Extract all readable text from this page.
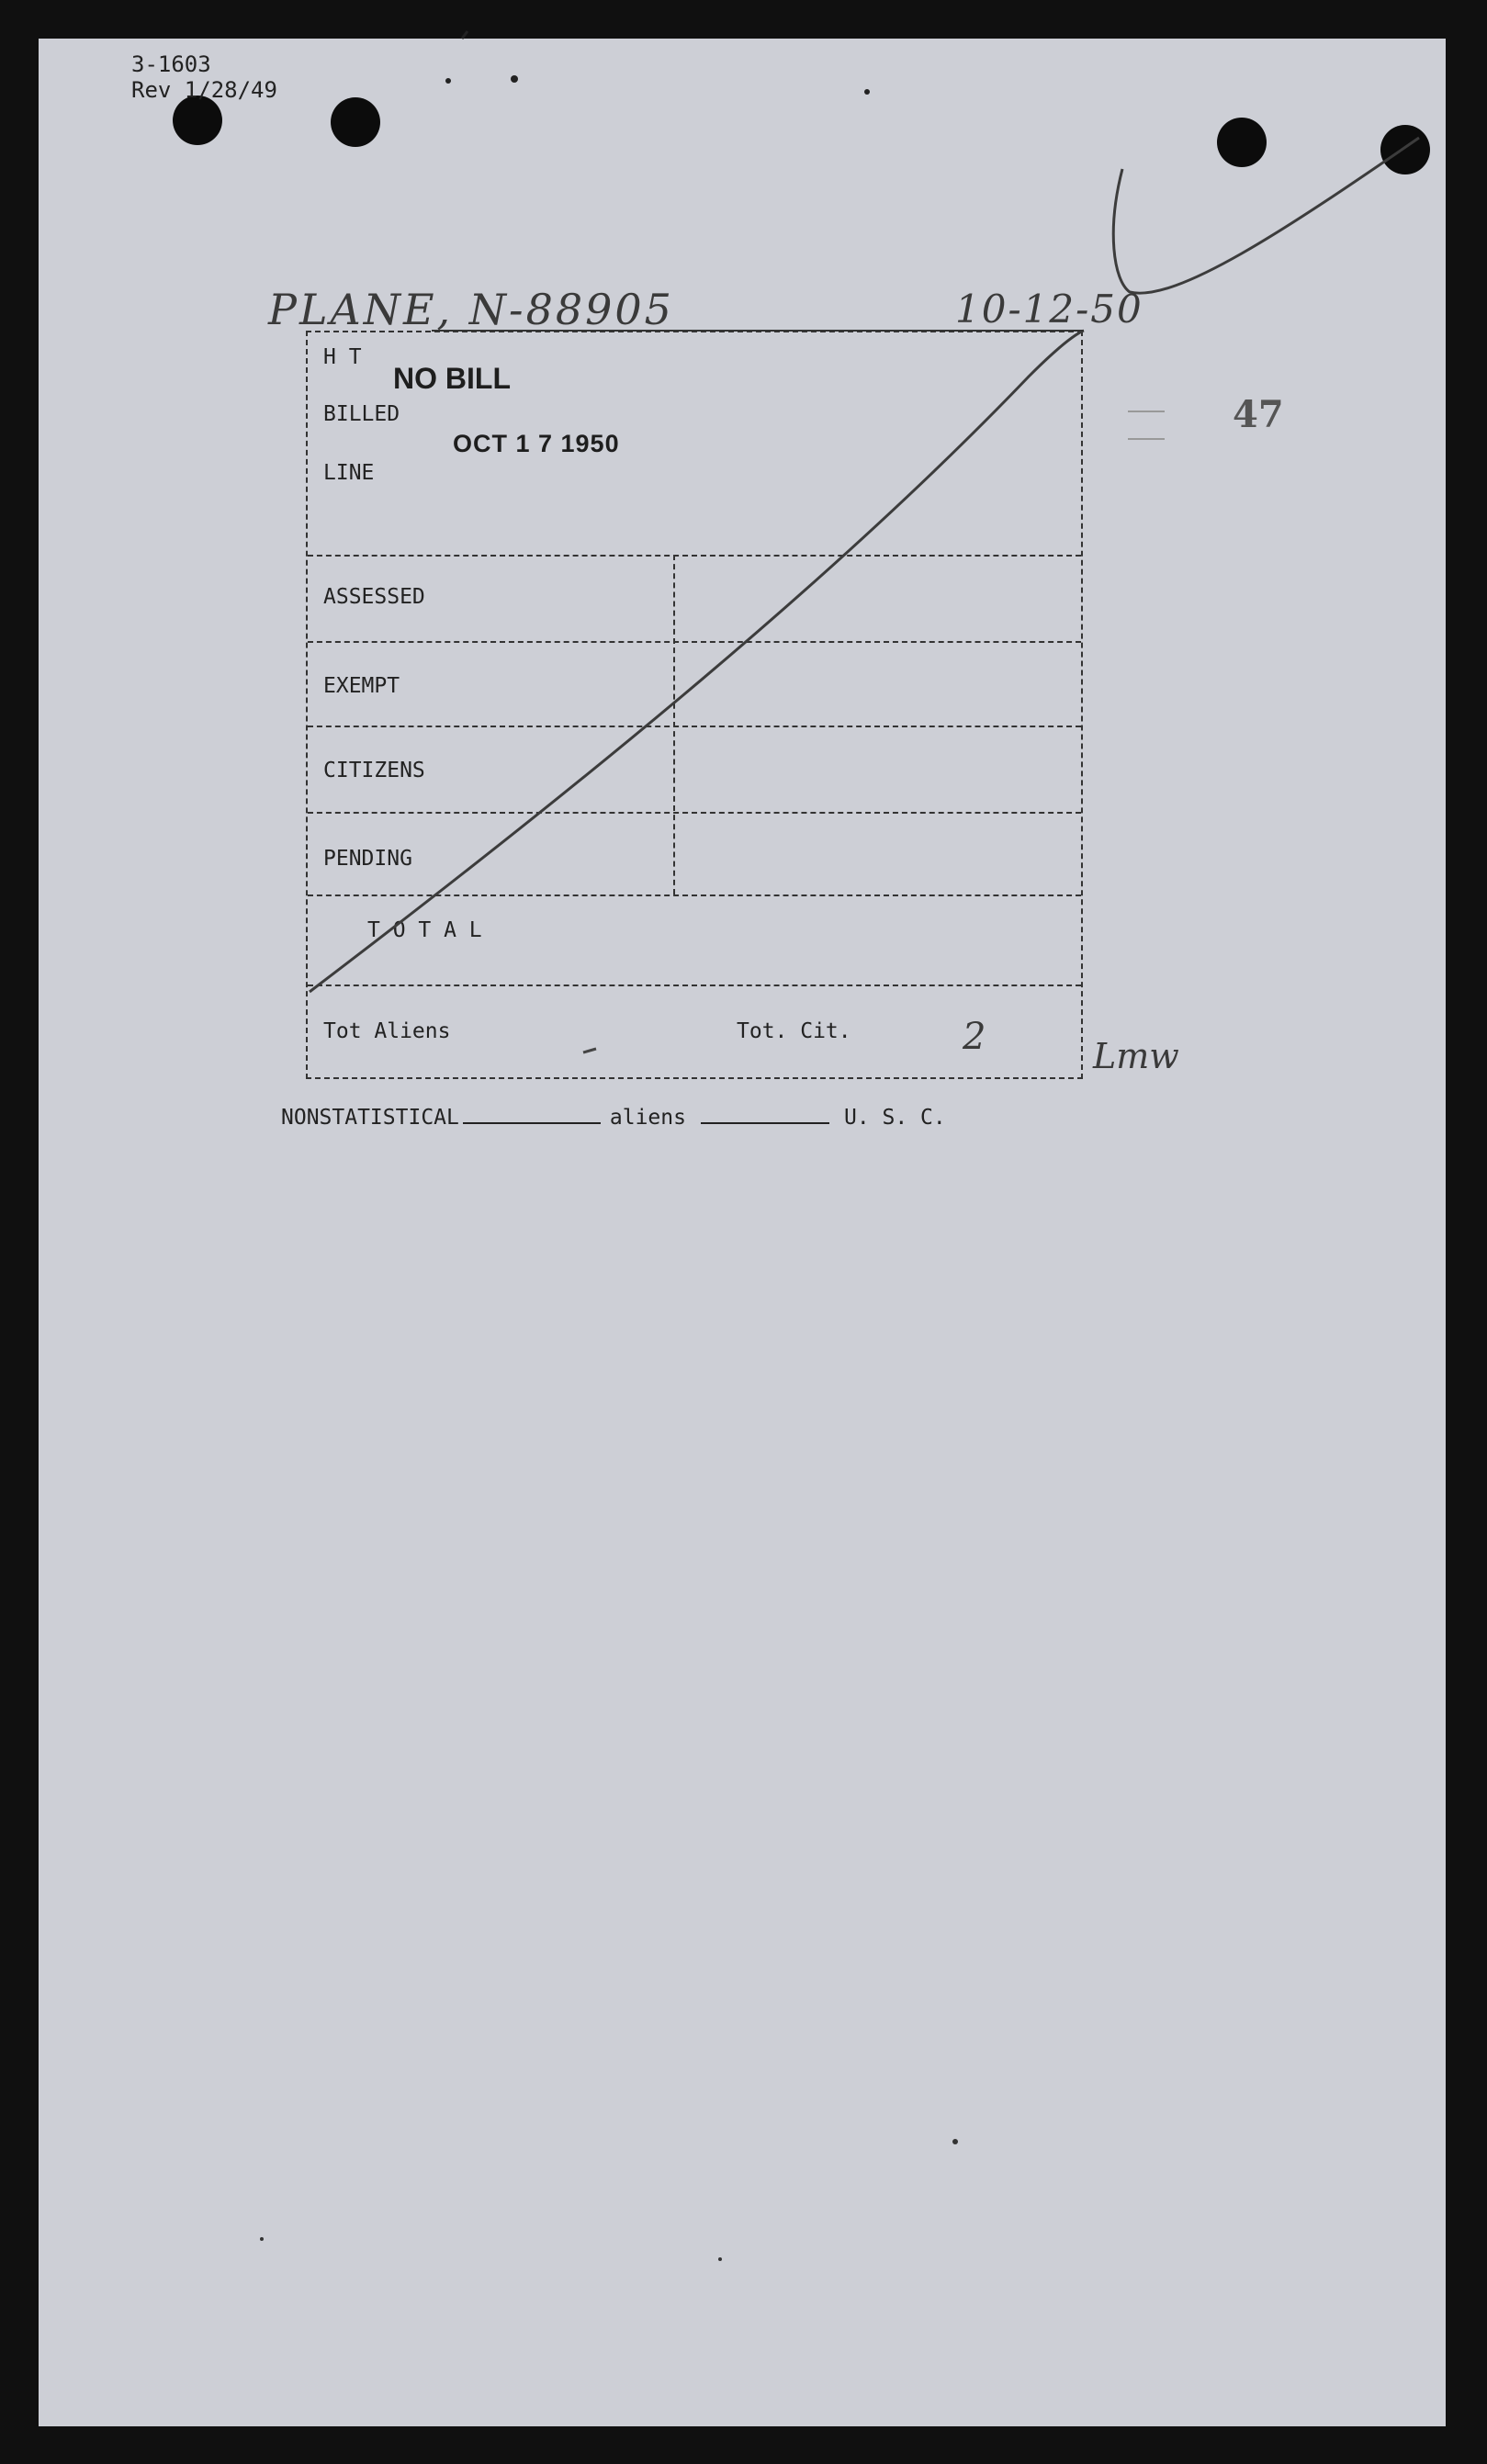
3-1603
Rev 1/28/49
PLANE, N-88905	10-12-50
47
H T
NO BILL
BILLED
OCT 1 7 1950
LINE
ASSESSED
EXEMPT
CITIZENS
PENDING
T O T A L
Tot Aliens	Tot. Cit.	2	Lmw
NONSTATISTICAL	aliens	U. S. C.
